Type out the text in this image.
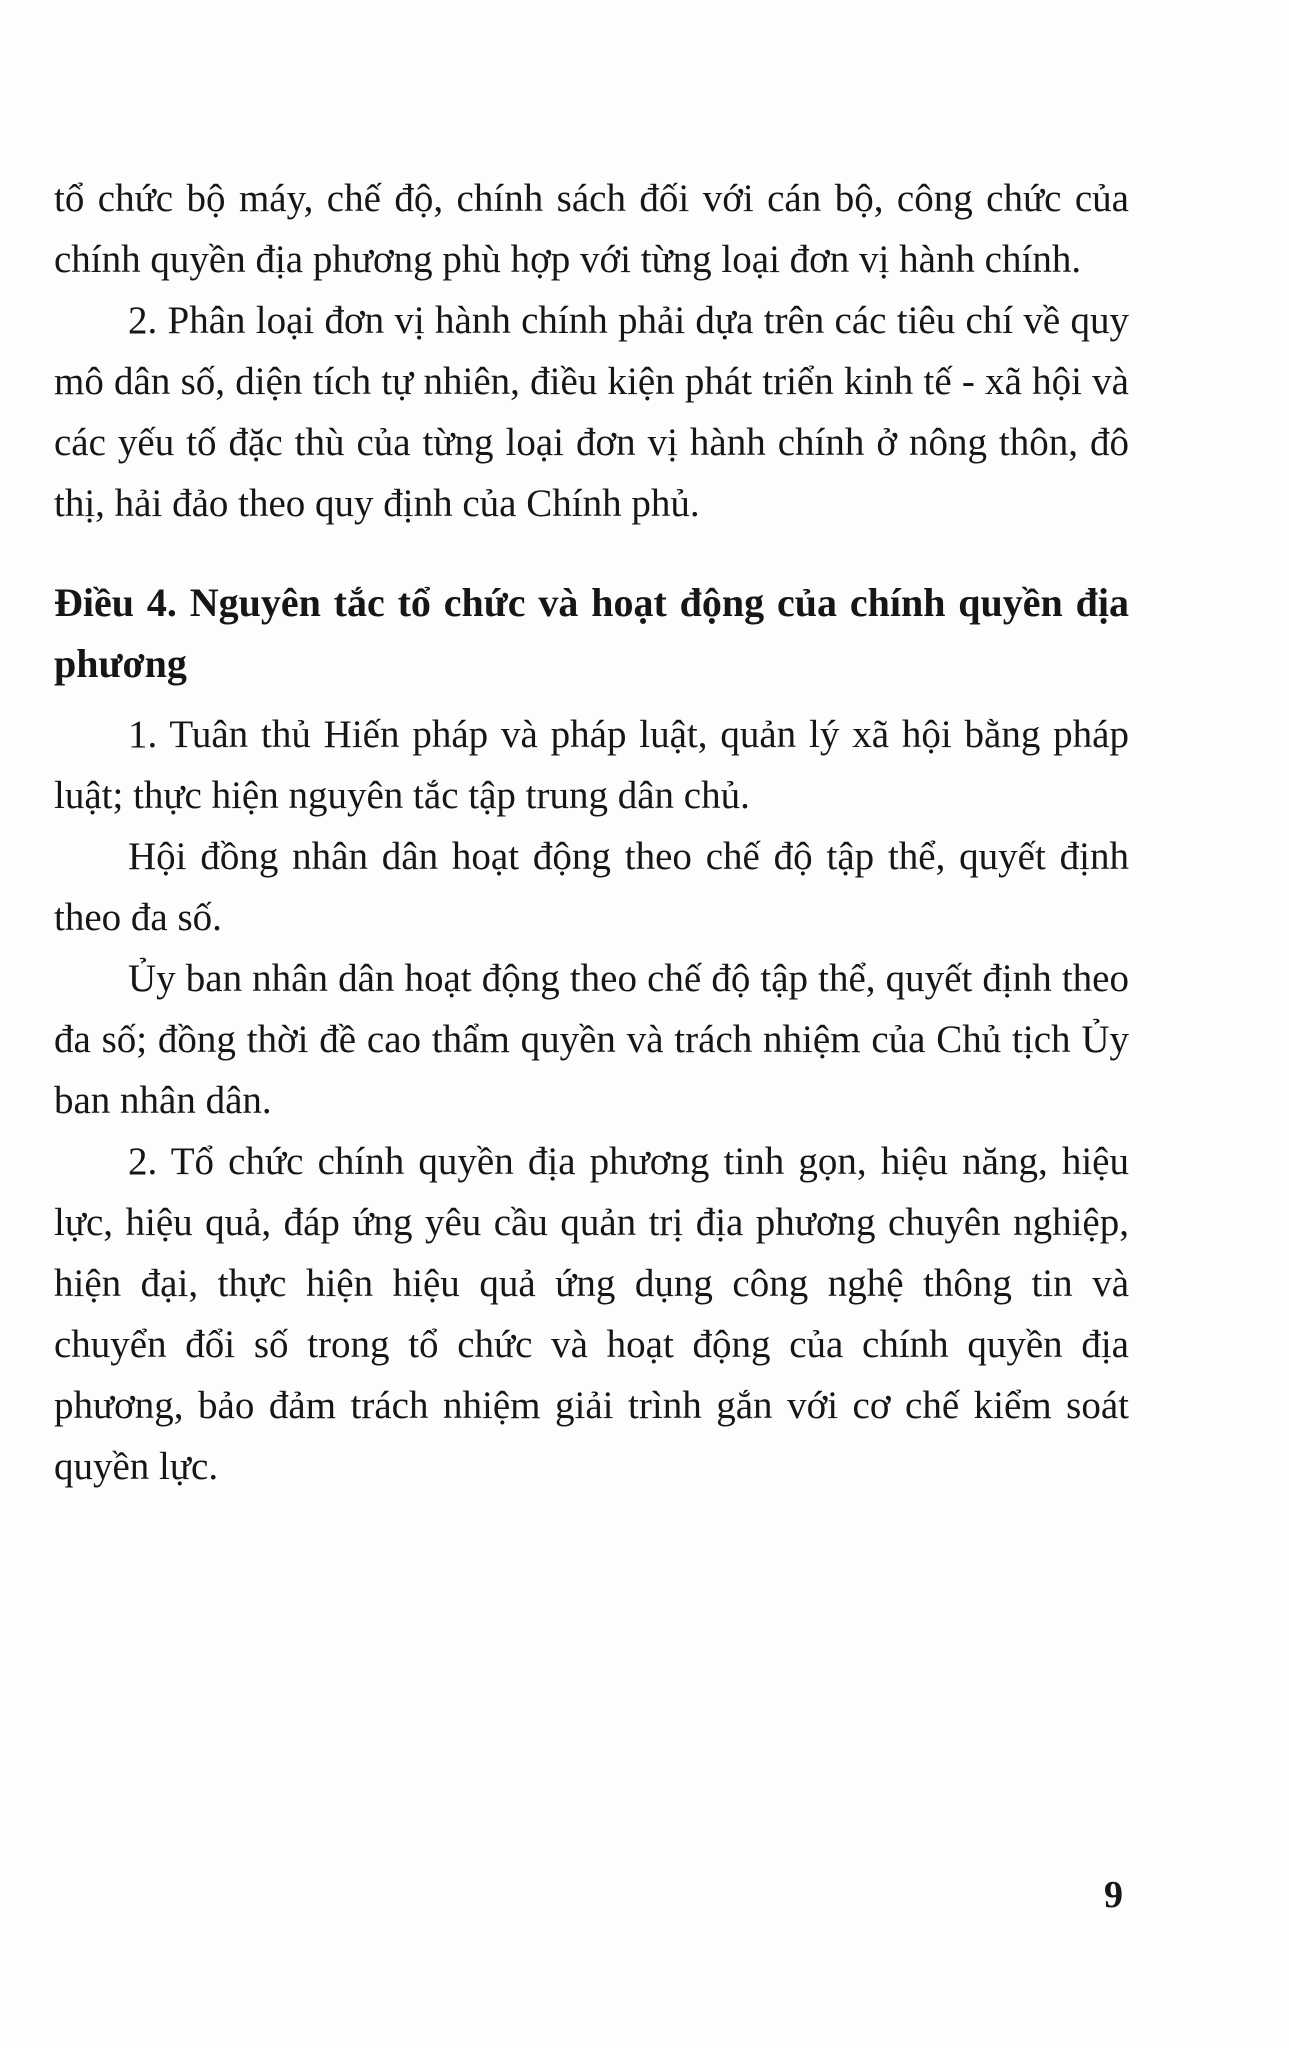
tổ chức bộ máy, chế độ, chính sách đối với cán bộ, công chức của chính quyền địa phương phù hợp với từng loại đơn vị hành chính.

2. Phân loại đơn vị hành chính phải dựa trên các tiêu chí về quy mô dân số, diện tích tự nhiên, điều kiện phát triển kinh tế - xã hội và các yếu tố đặc thù của từng loại đơn vị hành chính ở nông thôn, đô thị, hải đảo theo quy định của Chính phủ.

Điều 4. Nguyên tắc tổ chức và hoạt động của chính quyền địa phương

1. Tuân thủ Hiến pháp và pháp luật, quản lý xã hội bằng pháp luật; thực hiện nguyên tắc tập trung dân chủ.

Hội đồng nhân dân hoạt động theo chế độ tập thể, quyết định theo đa số.

Ủy ban nhân dân hoạt động theo chế độ tập thể, quyết định theo đa số; đồng thời đề cao thẩm quyền và trách nhiệm của Chủ tịch Ủy ban nhân dân.

2. Tổ chức chính quyền địa phương tinh gọn, hiệu năng, hiệu lực, hiệu quả, đáp ứng yêu cầu quản trị địa phương chuyên nghiệp, hiện đại, thực hiện hiệu quả ứng dụng công nghệ thông tin và chuyển đổi số trong tổ chức và hoạt động của chính quyền địa phương, bảo đảm trách nhiệm giải trình gắn với cơ chế kiểm soát quyền lực.

9
